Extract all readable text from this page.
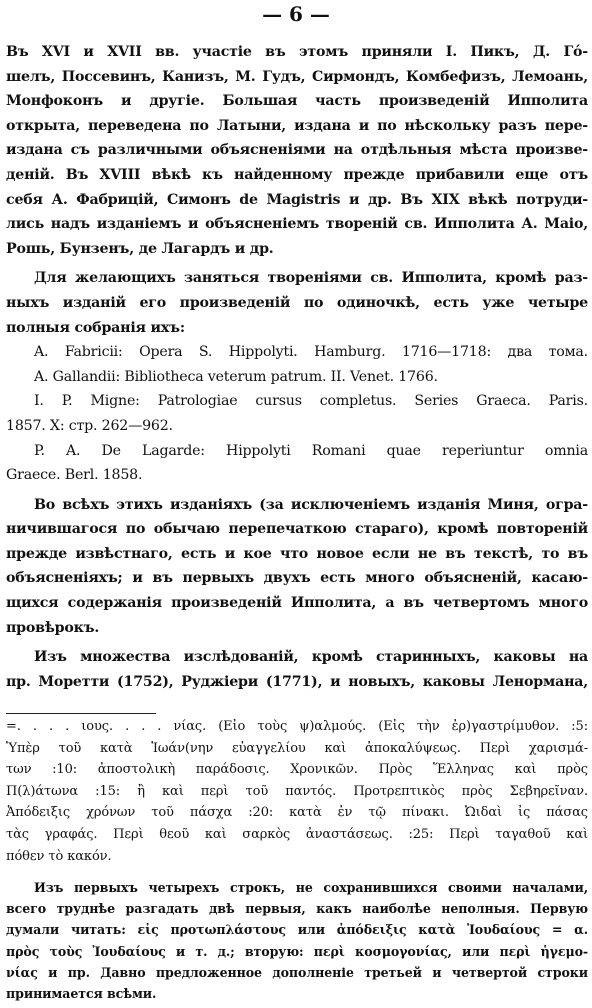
— 6 —
Въ XVI и XVII вв. участіе въ этомъ приняли I. Пикъ, Д. Гό-
шелъ, Поссевинъ, Канизъ, М. Гудъ, Сирмондъ, Комбефизъ, Лемоань,
Монфоконъ и другіе. Большая часть произведеній Ипполита
открыта, переведена по Латыни, издана и по нѣскольку разъ пере-
издана съ различными объясненіями на отдѣльныя мѣста произве-
деній. Въ XVIII вѣкѣ къ найденному прежде прибавили еще отъ
себя А. Фабрицій, Симонъ de Magistris и др. Въ XIX вѣкѣ потруди-
лись надъ изданіемъ и объясненіемъ твореній св. Ипполита А. Маіо,
Рошь, Бунзенъ, де Лагардъ и др.
Для желающихъ заняться твореніями св. Ипполита, кромѣ раз-
ныхъ изданій его произведеній по одиночкѣ, есть уже четыре
полныя собранія ихъ:
A. Fabricii: Opera S. Hippolyti. Hamburg. 1716—1718: два тома.
A. Gallandii: Bibliotheca veterum patrum. II. Venet. 1766.
I. P. Migne: Patrologiae cursus completus. Series Graeca. Paris.
1857. X: стр. 262—962.
P. A. De Lagarde: Hippolyti Romani quae reperiuntur omnia
Graece. Berl. 1858.
Во всѣхъ этихъ изданіяхъ (за исключеніемъ изданія Миня, огра-
ничившагося по обычаю перепечаткою стараго), кромѣ повтореній
прежде извѣстнаго, есть и кое что новое если не въ текстѣ, то въ
объясненіяхъ; и въ первыхъ двухъ есть много объясненій, касаю-
щихся содержанія произведеній Ипполита, а въ четвертомъ много
провѣрокъ.
Изъ множества изслѣдованій, кромѣ старинныхъ, каковы на
пр. Моретти (1752), Руджіери (1771), и новыхъ, каковы Ленормана,
=. . . . ιους. . . . νίας. (Εἰο τοὺς ψ)αλμούς. (Εἰς τὴν ἐρ)γαστρίμυθον. :5:
Ὑπὲρ τοῦ κατὰ Ἰωάν(νην εὐαγγελίου καὶ ἀποκαλύψεως. Περὶ χαρισμά-
των :10: ἀποστολικὴ παράδοσις. Χρονικῶν. Πρὸς Ἕλληνας καὶ πρὸς
Π(λ)άτωνα :15: ἢ καὶ περὶ τοῦ παντός. Προτρεπτικὸς πρὸς Σεβηρεῖναν.
Ἀπόδειξις χρόνων τοῦ πάσχα :20: κατὰ ἐν τῷ πίνακι. Ὠιδαὶ ἰς πάσας
τὰς γραφάς. Περὶ θεοῦ καὶ σαρκὸς ἀναστάσεως. :25: Περὶ ταγαθοῦ καὶ
πόθεν τὸ κακόν.
Изъ первыхъ четырехъ строкъ, не сохранившихся своими началами,
всего труднѣе разгадать двѣ первыя, какъ наиболѣе неполныя. Первую
думали читать: εἰς προτωπλάστους или ἀπόδειξις κατὰ Ἰουδαίους = α.
πρὸς τοὺς Ἰουδαίους и т. д.; вторую: περὶ κοσμογονίας, или περὶ ἡγεμο-
νίας и пр. Давно предложенное дополненіе третьей и четвертой строки
принимается всѣми.
